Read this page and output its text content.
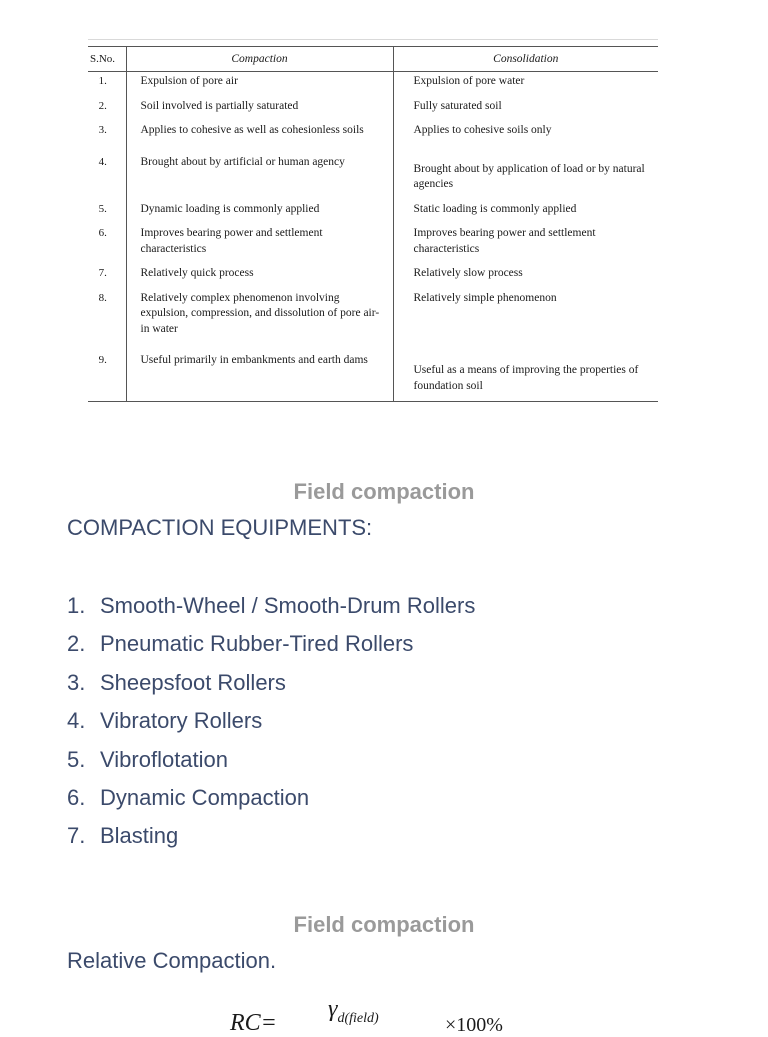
S.No.	Compaction	Consolidation
1.	Expulsion of pore air	Expulsion of pore water
2.	Soil involved is partially saturated	Fully saturated soil
3.	Applies to cohesive as well as cohesionless soils	Applies to cohesive soils only
4.	Brought about by artificial or human agency	Brought about by application of load or by natural agencies
5.	Dynamic loading is commonly applied	Static loading is commonly applied
6.	Improves bearing power and settlement characteristics	Improves bearing power and settlement characteristics
7.	Relatively quick process	Relatively slow process
8.	Relatively complex phenomenon involving expulsion, compression, and dissolution of pore air-in water	Relatively simple phenomenon
9.	Useful primarily in embankments and earth dams	Useful as a means of improving the properties of foundation soil
Field compaction
COMPACTION EQUIPMENTS:
1. Smooth-Wheel / Smooth-Drum Rollers
2. Pneumatic Rubber-Tired Rollers
3. Sheepsfoot Rollers
4. Vibratory Rollers
5. Vibroflotation
6. Dynamic Compaction
7. Blasting
Field compaction
Relative Compaction.
RC=
$\gamma_{d(field)}$	×100%
